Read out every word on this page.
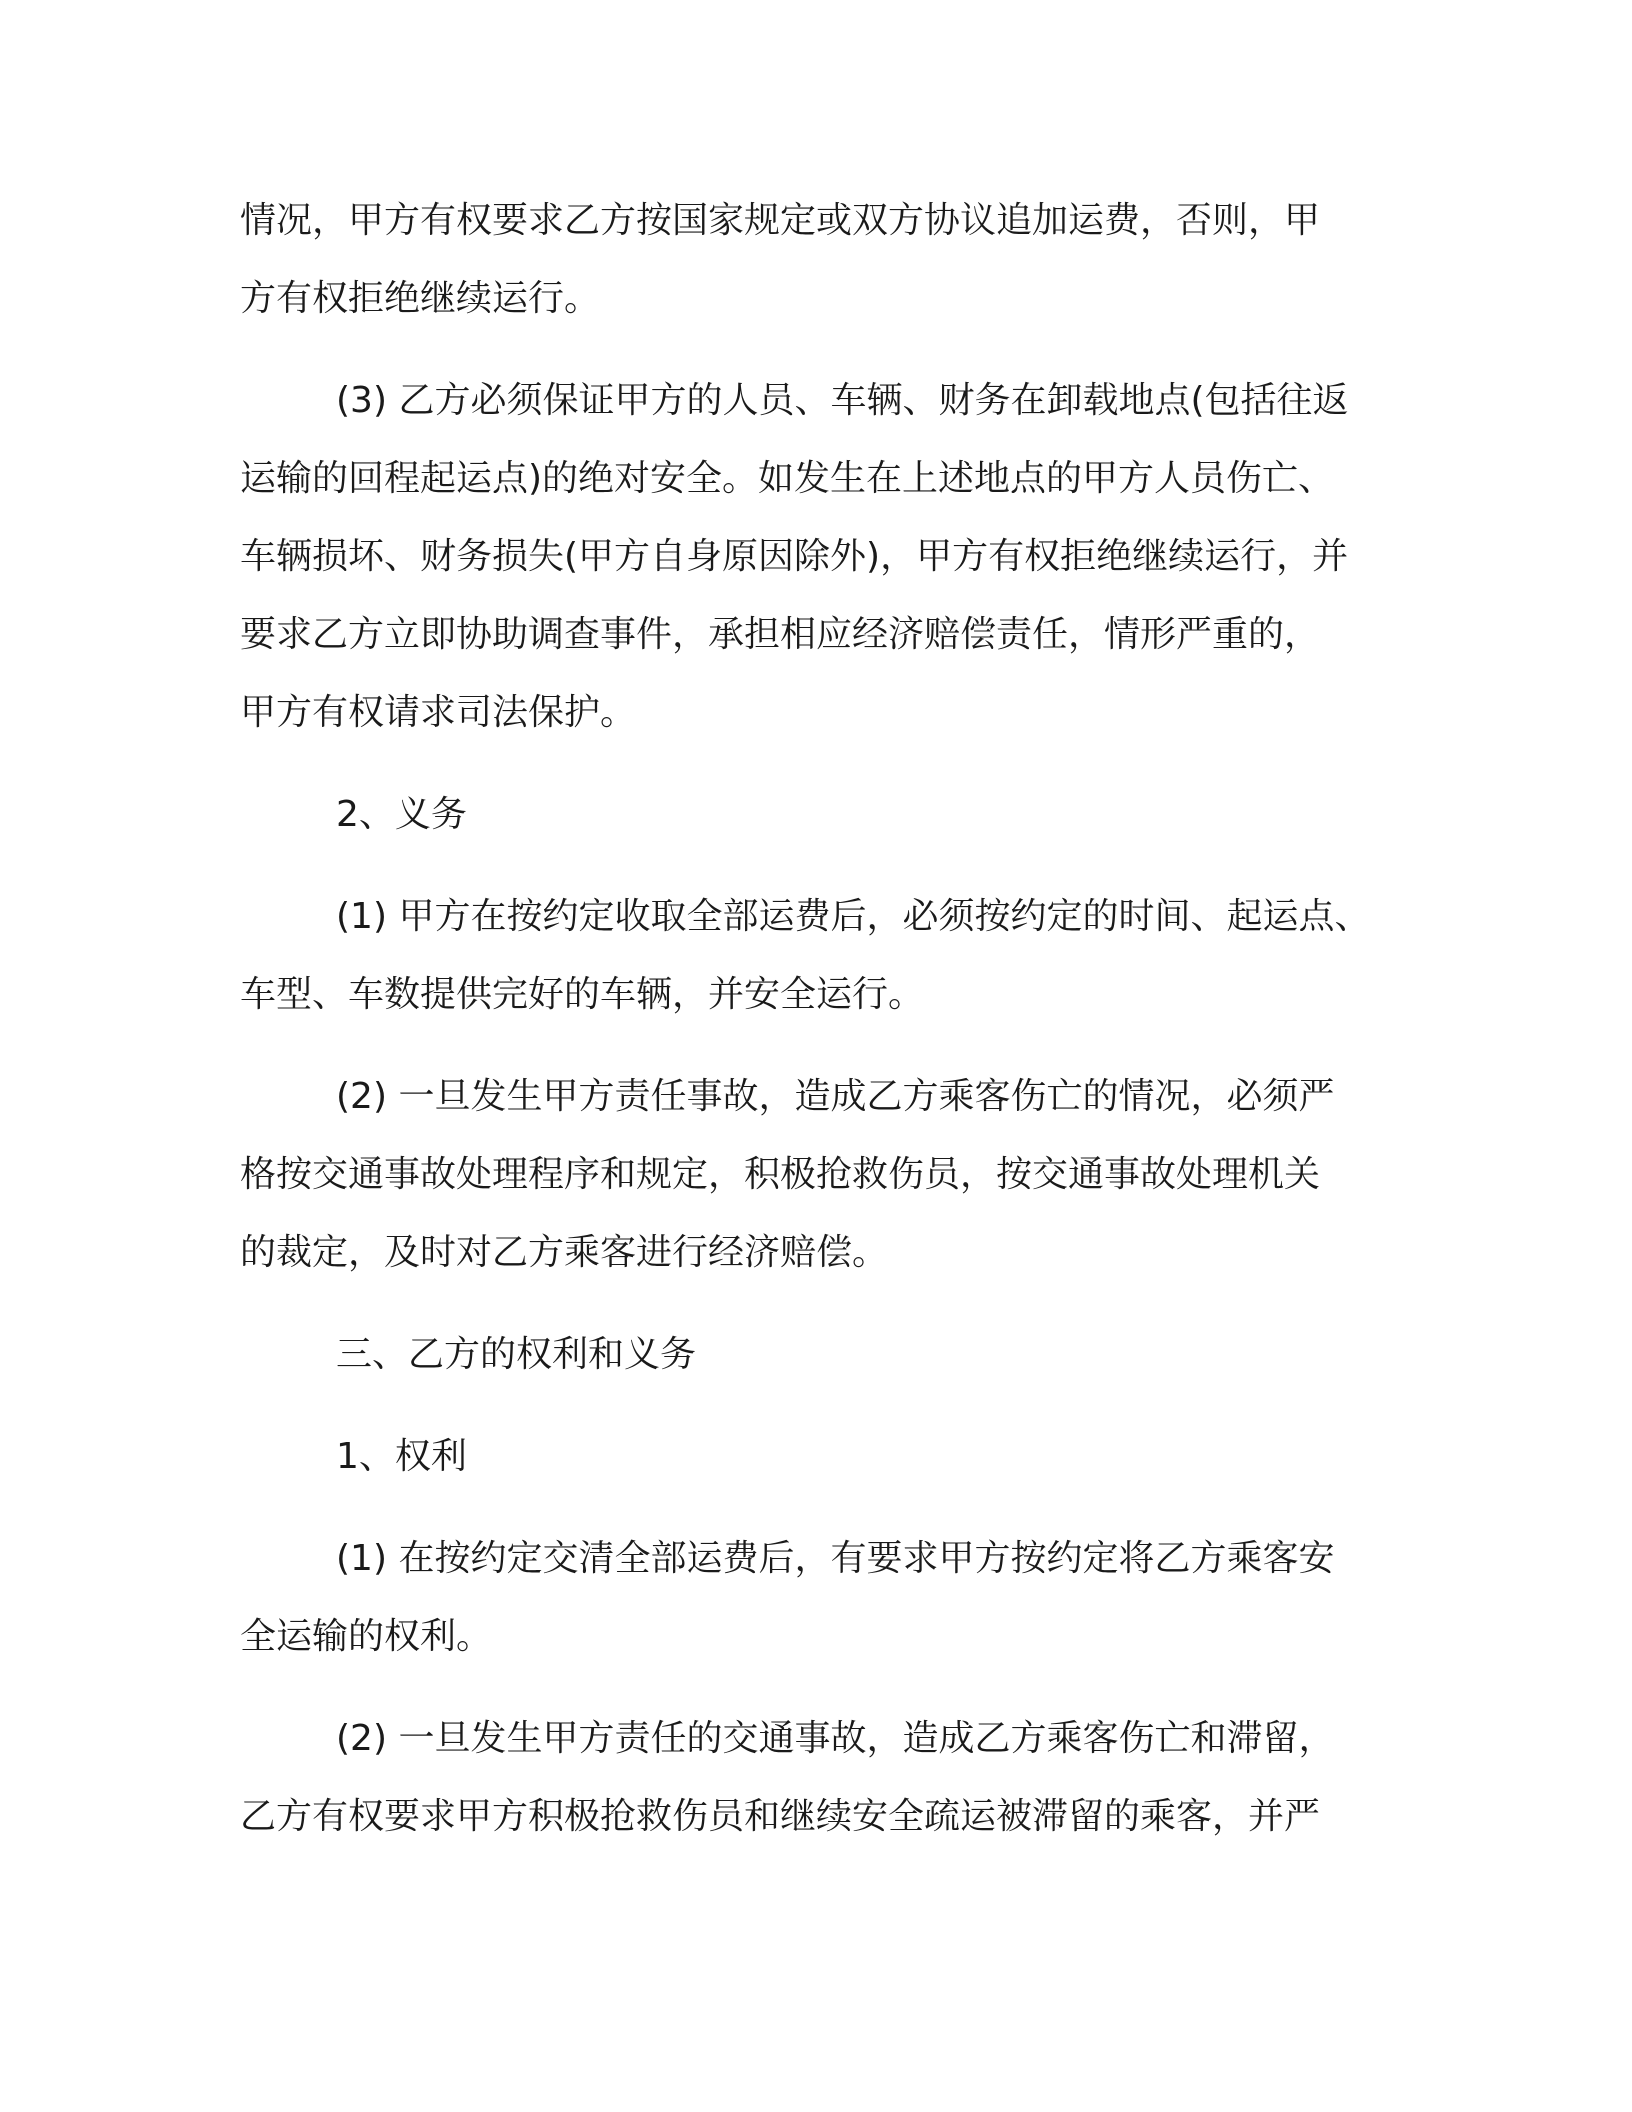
情况，甲方有权要求乙方按国家规定或双方协议追加运费，否则，甲
方有权拒绝继续运行。

(3) 乙方必须保证甲方的人员、车辆、财务在卸载地点(包括往返

运输的回程起运点)的绝对安全。如发生在上述地点的甲方人员伤亡、
车辆损坏、财务损失(甲方自身原因除外)，甲方有权拒绝继续运行，并
要求乙方立即协助调查事件，承担相应经济赔偿责任，情形严重的，
甲方有权请求司法保护。

2、义务

(1) 甲方在按约定收取全部运费后，必须按约定的时间、起运点、

车型、车数提供完好的车辆，并安全运行。

(2) 一旦发生甲方责任事故，造成乙方乘客伤亡的情况，必须严

格按交通事故处理程序和规定，积极抢救伤员，按交通事故处理机关
的裁定，及时对乙方乘客进行经济赔偿。

三、乙方的权利和义务

1、权利

(1) 在按约定交清全部运费后，有要求甲方按约定将乙方乘客安

全运输的权利。

(2) 一旦发生甲方责任的交通事故，造成乙方乘客伤亡和滞留，

乙方有权要求甲方积极抢救伤员和继续安全疏运被滞留的乘客，并严
